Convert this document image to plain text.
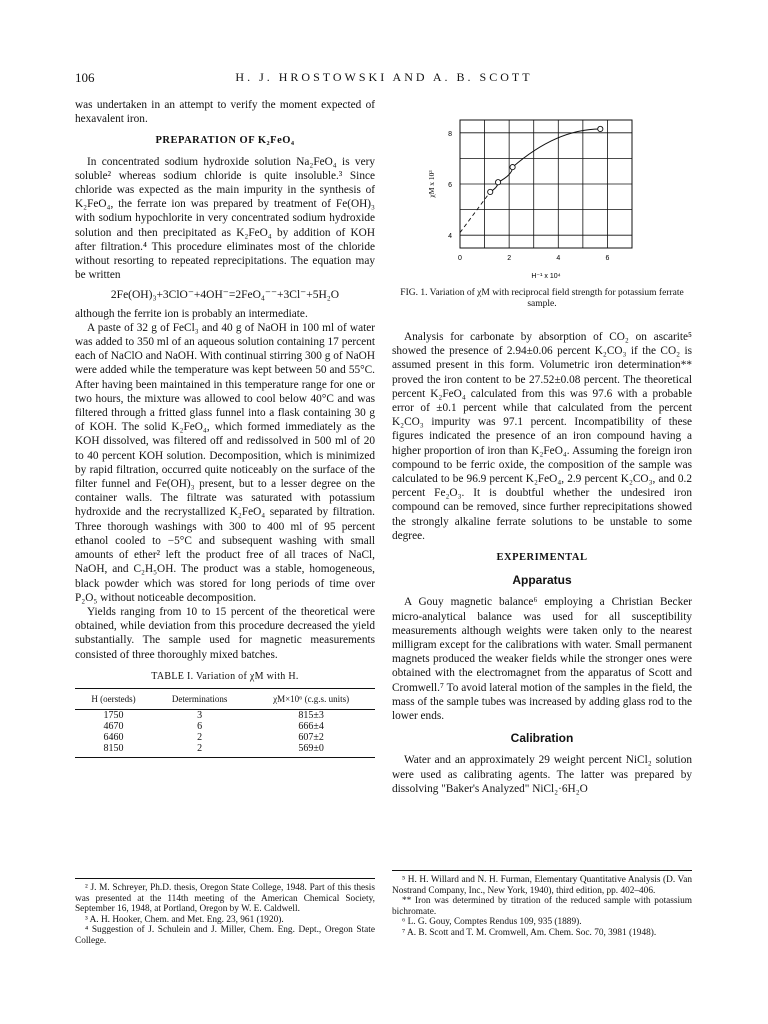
106	H. J. HROSTOWSKI AND A. B. SCOTT

was undertaken in an attempt to verify the moment expected of hexavalent iron.

PREPARATION OF K₂FeO₄

In concentrated sodium hydroxide solution Na₂FeO₄ is very soluble² whereas sodium chloride is quite insoluble.³ Since chloride was expected as the main impurity in the synthesis of K₂FeO₄, the ferrate ion was prepared by treatment of Fe(OH)₃ with sodium hypochlorite in very concentrated sodium hydroxide solution and then precipitated as K₂FeO₄ by addition of KOH after filtration.⁴ This procedure eliminates most of the chloride without resorting to repeated reprecipitations. The equation may be written

2Fe(OH)₃+3ClO⁻+4OH⁻=2FeO₄⁻⁻+3Cl⁻+5H₂O

although the ferrite ion is probably an intermediate.

A paste of 32 g of FeCl₃ and 40 g of NaOH in 100 ml of water was added to 350 ml of an aqueous solution containing 17 percent each of NaClO and NaOH. With continual stirring 300 g of NaOH were added while the temperature was kept between 50 and 55°C. After having been maintained in this temperature range for one or two hours, the mixture was allowed to cool below 40°C and was filtered through a fritted glass funnel into a flask containing 30 g of KOH. The solid K₂FeO₄, which formed immediately as the KOH dissolved, was filtered off and redissolved in 500 ml of 20 to 40 percent KOH solution. Decomposition, which is minimized by rapid filtration, occurred quite noticeably on the surface of the filter funnel and Fe(OH)₃ present, but to a lesser degree on the container walls. The filtrate was saturated with potassium hydroxide and the recrystallized K₂FeO₄ separated by filtration. Three thorough washings with 300 to 400 ml of 95 percent ethanol cooled to −5°C and subsequent washing with small amounts of ether² left the product free of all traces of NaCl, NaOH, and C₂H₅OH. The product was a stable, homogeneous, black powder which was stored for long periods of time over P₂O₅ without noticeable decomposition.

Yields ranging from 10 to 15 percent of the theoretical were obtained, while deviation from this procedure decreased the yield substantially. The sample used for magnetic measurements consisted of three thoroughly mixed batches.

TABLE I. Variation of χM with H.
H (oersteds)	Determinations	χM×10⁶ (c.g.s. units)
1750	3	815±3
4670	6	666±4
6460	2	607±2
8150	2	569±0

² J. M. Schreyer, Ph.D. thesis, Oregon State College, 1948. Part of this thesis was presented at the 114th meeting of the American Chemical Society, September 16, 1948, at Portland, Oregon by W. E. Caldwell.

³ A. H. Hooker, Chem. and Met. Eng. 23, 961 (1920).

⁴ Suggestion of J. Schulein and J. Miller, Chem. Eng. Dept., Oregon State College.

0	2	4	6
4
6
8
H⁻¹ x 10⁴
χM x 10³
FIG. 1. Variation of χM with reciprocal field strength for potassium ferrate sample.

Analysis for carbonate by absorption of CO₂ on ascarite⁵ showed the presence of 2.94±0.06 percent K₂CO₃ if the CO₂ is assumed present in this form. Volumetric iron determination** proved the iron content to be 27.52±0.08 percent. The theoretical percent K₂FeO₄ calculated from this was 97.6 with a probable error of ±0.1 percent while that calculated from the percent K₂CO₃ impurity was 97.1 percent. Incompatibility of these figures indicated the presence of an iron compound having a higher proportion of iron than K₂FeO₄. Assuming the foreign iron compound to be ferric oxide, the composition of the sample was calculated to be 96.9 percent K₂FeO₄, 2.9 percent K₂CO₃, and 0.2 percent Fe₂O₃. It is doubtful whether the undesired iron compound can be removed, since further reprecipitations showed the strongly alkaline ferrate solutions to be unstable to some degree.

EXPERIMENTAL
Apparatus

A Gouy magnetic balance⁶ employing a Christian Becker micro-analytical balance was used for all susceptibility measurements although weights were taken only to the nearest milligram except for the calibrations with water. Small permanent magnets produced the weaker fields while the stronger ones were obtained with the electromagnet from the apparatus of Scott and Cromwell.⁷ To avoid lateral motion of the samples in the field, the mass of the sample tubes was increased by adding glass rod to the lower ends.

Calibration

Water and an approximately 29 weight percent NiCl₂ solution were used as calibrating agents. The latter was prepared by dissolving "Baker's Analyzed" NiCl₂·6H₂O

⁵ H. H. Willard and N. H. Furman, Elementary Quantitative Analysis (D. Van Nostrand Company, Inc., New York, 1940), third edition, pp. 402–406.

** Iron was determined by titration of the reduced sample with potassium bichromate.

⁶ L. G. Gouy, Comptes Rendus 109, 935 (1889).

⁷ A. B. Scott and T. M. Cromwell, Am. Chem. Soc. 70, 3981 (1948).
